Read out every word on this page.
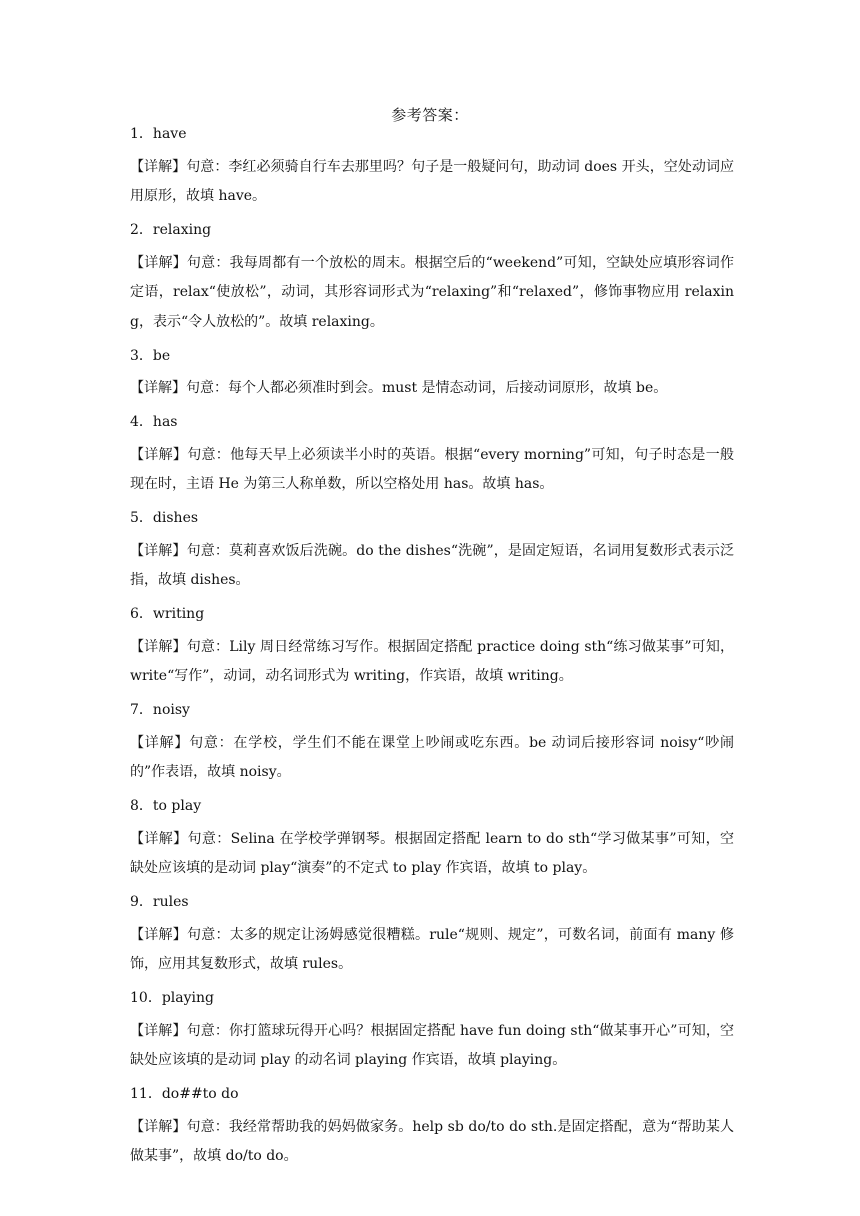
参考答案：
1．have
【详解】句意：李红必须骑自行车去那里吗？句子是一般疑问句，助动词 does 开头，空处动词应用原形，故填 have。
2．relaxing
【详解】句意：我每周都有一个放松的周末。根据空后的“weekend”可知，空缺处应填形容词作定语，relax“使放松”，动词，其形容词形式为“relaxing”和“relaxed”，修饰事物应用 relaxing，表示“令人放松的”。故填 relaxing。
3．be
【详解】句意：每个人都必须准时到会。must 是情态动词，后接动词原形，故填 be。
4．has
【详解】句意：他每天早上必须读半小时的英语。根据“every morning”可知，句子时态是一般现在时，主语 He 为第三人称单数，所以空格处用 has。故填 has。
5．dishes
【详解】句意：莫莉喜欢饭后洗碗。do the dishes“洗碗”，是固定短语，名词用复数形式表示泛指，故填 dishes。
6．writing
【详解】句意：Lily 周日经常练习写作。根据固定搭配 practice doing sth“练习做某事”可知，write“写作”，动词，动名词形式为 writing，作宾语，故填 writing。
7．noisy
【详解】句意：在学校，学生们不能在课堂上吵闹或吃东西。be 动词后接形容词 noisy“吵闹的”作表语，故填 noisy。
8．to play
【详解】句意：Selina 在学校学弹钢琴。根据固定搭配 learn to do sth“学习做某事”可知，空缺处应该填的是动词 play“演奏”的不定式 to play 作宾语，故填 to play。
9．rules
【详解】句意：太多的规定让汤姆感觉很糟糕。rule“规则、规定”，可数名词，前面有 many 修饰，应用其复数形式，故填 rules。
10．playing
【详解】句意：你打篮球玩得开心吗？根据固定搭配 have fun doing sth“做某事开心”可知，空缺处应该填的是动词 play 的动名词 playing 作宾语，故填 playing。
11．do##to do
【详解】句意：我经常帮助我的妈妈做家务。help sb do/to do sth.是固定搭配，意为“帮助某人做某事”，故填 do/to do。
